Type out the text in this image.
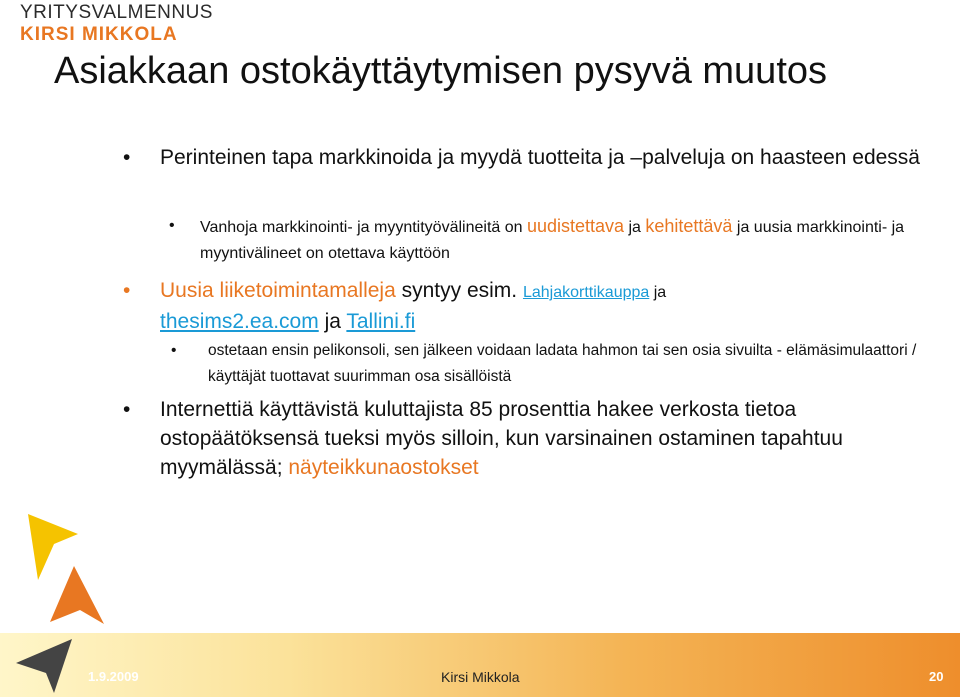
YRITYSVALMENNUS
KIRSI MIKKOLA
Asiakkaan ostokäyttäytymisen pysyvä muutos
• Perinteinen tapa markkinoida ja myydä tuotteita ja –palveluja on haasteen edessä
• Vanhoja markkinointi- ja myyntityövälineitä on uudistettava ja kehitettävä ja uusia markkinointi- ja myyntivälineet on otettava käyttöön
• Uusia liiketoimintamalleja syntyy esim. Lahjakorttikauppa ja
thesims2.ea.com ja Tallini.fi
• ostetaan ensin pelikonsoli, sen jälkeen voidaan ladata hahmon tai sen osia sivuilta - elämäsimulaattori / käyttäjät tuottavat suurimman osa sisällöistä
• Internettiä käyttävistä kuluttajista 85 prosenttia hakee verkosta tietoa ostopäätöksensä tueksi myös silloin, kun varsinainen ostaminen tapahtuu myymälässä; näyteikkunaostokset
1.9.2009	Kirsi Mikkola	20
